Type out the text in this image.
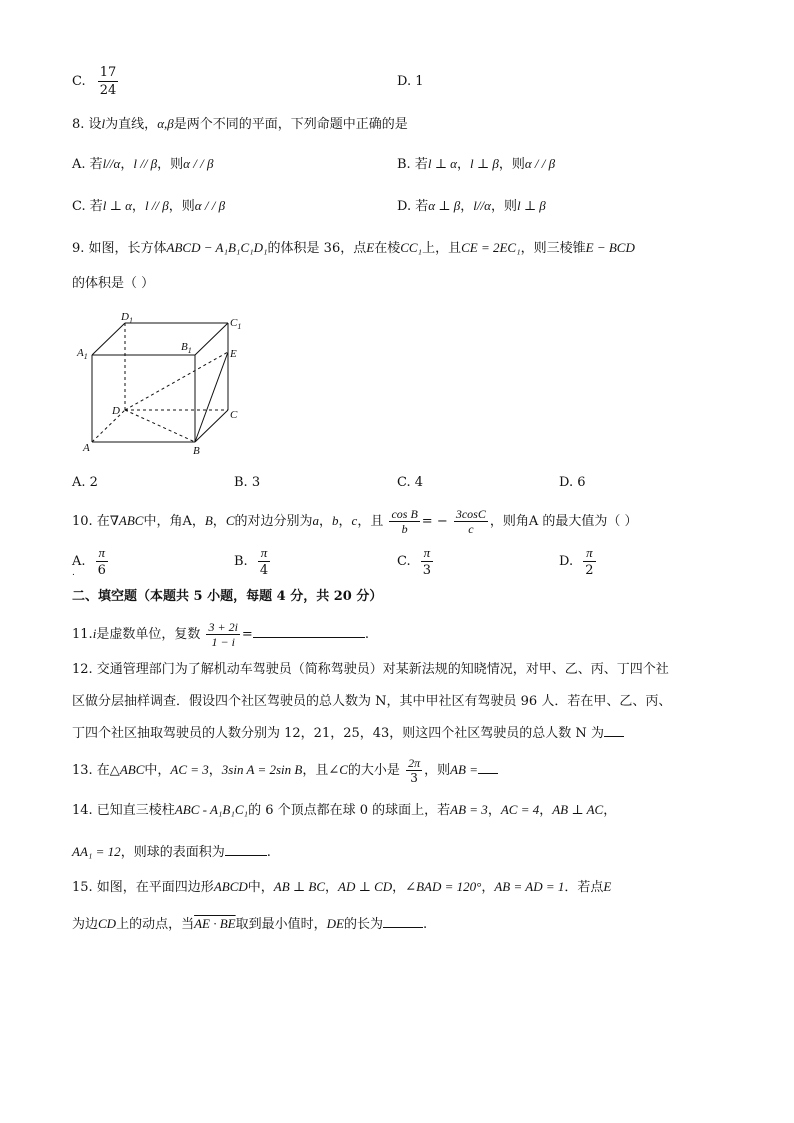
C. $\frac{17}{24}$	D. 1
8. 设l为直线，α,β是两个不同的平面，下列命题中正确的是
A. 若l//α，l // β，则α / / β	B. 若l ⊥ α，l ⊥ β，则α / / β
C. 若l ⊥ α，l // β，则α / / β	D. 若α ⊥ β，l//α，则l ⊥ β
9. 如图，长方体ABCD − A₁B₁C₁D₁的体积是 36，点E在棱CC₁上，且CE = 2EC₁，则三棱锥E − BCD
的体积是（ ）
$D_1$	$C_1$
$A_1$
$B_1$	E
D	C
A	B
A. 2	B. 3	C. 4	D. 6
10. 在∇ABC中，角A，B，C的对边分别为a，b，c，且 $\frac{\text{cos B}}{b}$ = − $\frac{3\cos C}{c}$ ，则角A 的最大值为（ ）
A. $\frac{\pi}{6}$
.
B. $\frac{\pi}{4}$	C. $\frac{\pi}{3}$	D. $\frac{\pi}{2}$
二、填空题（本题共 5 小题，每题 4 分，共 20 分）
11.i是虚数单位，复数 $\frac{3 + 2i}{1 - i}$ =	.
12. 交通管理部门为了解机动车驾驶员（简称驾驶员）对某新法规的知晓情况，对甲、乙、丙、丁四个社
区做分层抽样调查．假设四个社区驾驶员的总人数为 N，其中甲社区有驾驶员 96 人．若在甲、乙、丙、
丁四个社区抽取驾驶员的人数分别为 12，21，25，43，则这四个社区驾驶员的总人数 N 为
13. 在△ABC中，AC = 3，3sin A = 2sin B，且∠C的大小是 $\frac{2\pi}{3}$ ，则AB =
14. 已知直三棱柱ABC - A₁B₁C₁的 6 个顶点都在球 0 的球面上，若AB = 3，AC = 4，AB ⊥ AC，
AA₁ = 12，则球的表面积为	.
15. 如图，在平面四边形ABCD中，AB ⊥ BC，AD ⊥ CD，∠BAD = 120°，AB = AD = 1．若点E
为边CD上的动点，当AE · BE取到最小值时，DE的长为	.
